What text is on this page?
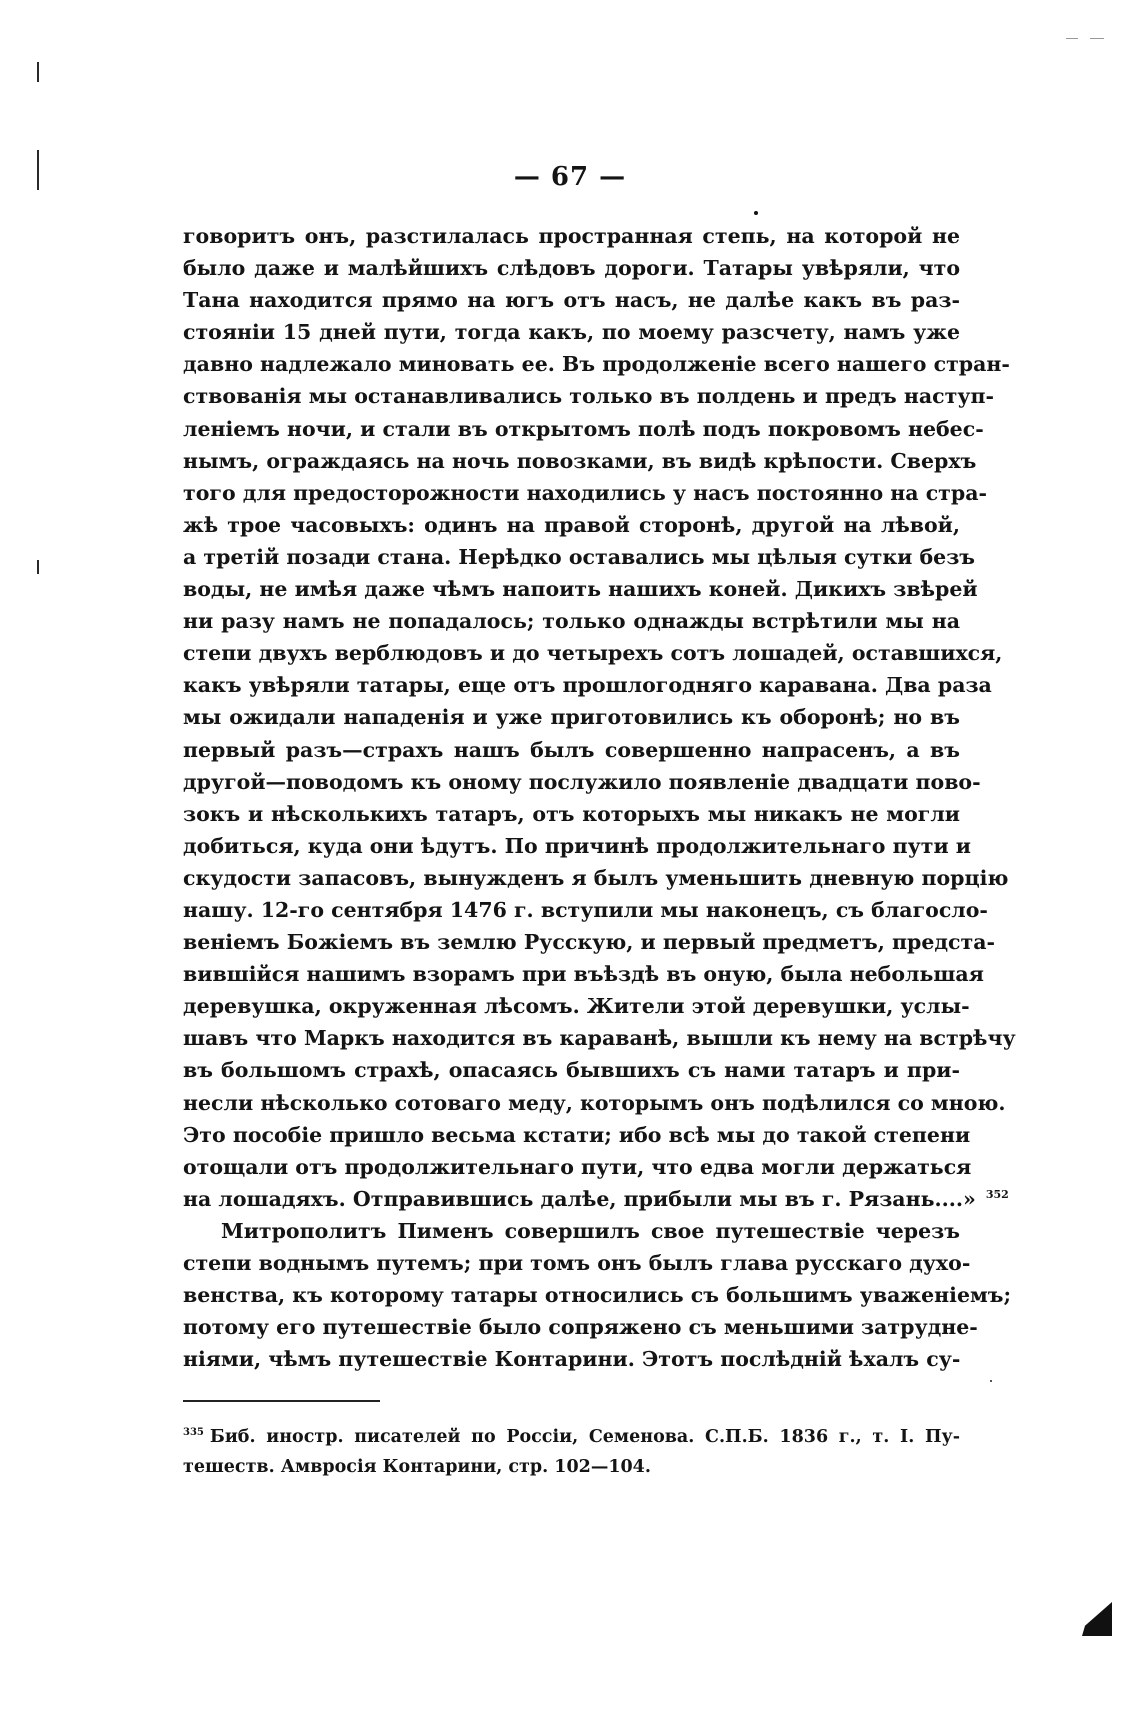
— 67 —
говоритъ онъ, разстилалась пространная степь, на которой не
было даже и малѣйшихъ слѣдовъ дороги. Татары увѣряли, что
Тана находится прямо на югъ отъ насъ, не далѣе какъ въ раз-
стояніи 15 дней пути, тогда какъ, по моему разсчету, намъ уже
давно надлежало миновать ее. Въ продолженіе всего нашего стран-
ствованія мы останавливались только въ полдень и предъ наступ-
леніемъ ночи, и стали въ открытомъ полѣ подъ покровомъ небес-
нымъ, ограждаясь на ночь повозками, въ видѣ крѣпости. Сверхъ
того для предосторожности находились у насъ постоянно на стра-
жѣ трое часовыхъ: одинъ на правой сторонѣ, другой на лѣвой,
а третій позади стана. Нерѣдко оставались мы цѣлыя сутки безъ
воды, не имѣя даже чѣмъ напоить нашихъ коней. Дикихъ звѣрей
ни разу намъ не попадалось; только однажды встрѣтили мы на
степи двухъ верблюдовъ и до четырехъ сотъ лошадей, оставшихся,
какъ увѣряли татары, еще отъ прошлогодняго каравана. Два раза
мы ожидали нападенія и уже приготовились къ оборонѣ; но въ
первый разъ—страхъ нашъ былъ совершенно напрасенъ, а въ
другой—поводомъ къ оному послужило появленіе двадцати пово-
зокъ и нѣсколькихъ татаръ, отъ которыхъ мы никакъ не могли
добиться, куда они ѣдутъ. По причинѣ продолжительнаго пути и
скудости запасовъ, вынужденъ я былъ уменьшить дневную порцію
нашу. 12-го сентября 1476 г. вступили мы наконецъ, съ благосло-
веніемъ Божіемъ въ землю Русскую, и первый предметъ, предста-
вившійся нашимъ взорамъ при въѣздѣ въ оную, была небольшая
деревушка, окруженная лѣсомъ. Жители этой деревушки, услы-
шавъ что Маркъ находится въ караванѣ, вышли къ нему на встрѣчу
въ большомъ страхѣ, опасаясь бывшихъ съ нами татаръ и при-
несли нѣсколько сотоваго меду, которымъ онъ подѣлился со мною.
Это пособіе пришло весьма кстати; ибо всѣ мы до такой степени
отощали отъ продолжительнаго пути, что едва могли держаться
на лошадяхъ. Отправившись далѣе, прибыли мы въ г. Рязань....» $^{352}$
Митрополитъ Пименъ совершилъ свое путешествіе черезъ
степи воднымъ путемъ; при томъ онъ былъ глава русскаго духо-
венства, къ которому татары относились съ большимъ уваженіемъ;
потому его путешествіе было сопряжено съ меньшими затрудне-
ніями, чѣмъ путешествіе Контарини. Этотъ послѣдній ѣхалъ су-
$^{335}$ Биб. иностр. писателей по Россіи, Семенова. С.П.Б. 1836 г., т. I. Пу-
тешеств. Амвросія Контарини, стр. 102—104.
